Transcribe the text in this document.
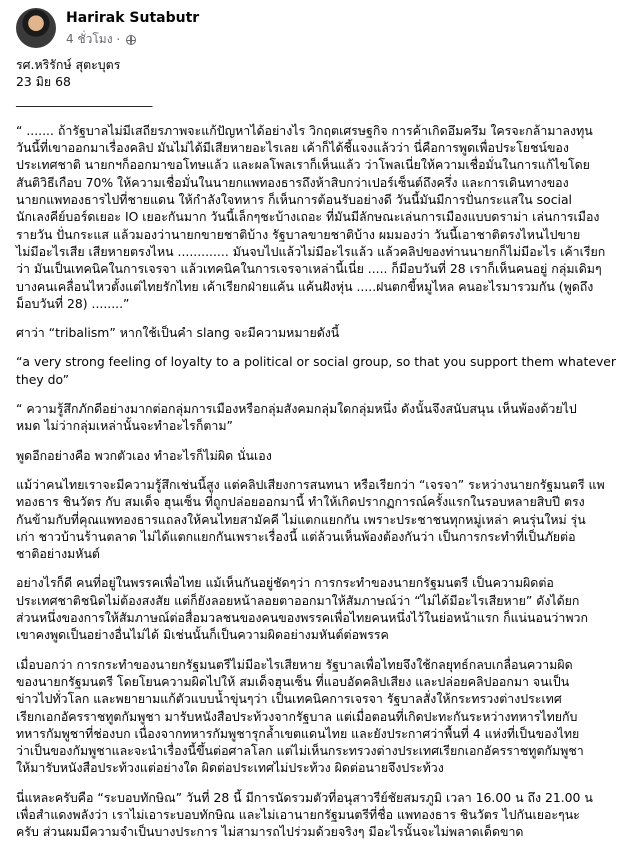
Harirak Sutabutr
4 ชั่วโมง ·

รศ.หริรักษ์ สุตะบุตร

23 มิย 68

______________________

“ ....... ถ้ารัฐบาลไม่มีเสถียรภาพจะแก้ปัญหาได้อย่างไร วิกฤตเศรษฐกิจ การค้าเกิดอึมครึม ใครจะกล้ามาลงทุน
วันนี้ที่เขาออกมาเรื่องคลิป มันไม่ได้มีเสียหายอะไรเลย เค้าก็ได้ชี้แจงแล้วว่า นี่คือการพูดเพื่อประโยชน์ของ
ประเทศชาติ นายกฯก็ออกมาขอโทษแล้ว และผลโพลเราก็เห็นแล้ว ว่าโพลเนี่ยให้ความเชื่อมั่นในการแก้ไขโดย
สันติวิธีเกือบ 70% ให้ความเชื่อมั่นในนายกแพทองธารถึงห้าสิบกว่าเปอร์เซ็นต์ถึงครึ่ง และการเดินทางของ
นายกแพทองธารไปที่ชายแดน ให้กำลังใจทหาร ก็เห็นการต้อนรับอย่างดี วันนี้มันมีการปั่นกระแสใน social
นักเลงคีย์บอร์ดเยอะ IO เยอะกันมาก วันนี้เล็กๆชะบ้างเถอะ ที่มันมีลักษณะเล่นการเมืองแบบดราม่า เล่นการเมือง
รายวัน ปั่นกระแส แล้วมองว่านายกขายชาติบ้าง รัฐบาลขายชาติบ้าง ผมมองว่า วันนี้เอาชาติตรงไหนไปขาย
ไม่มีอะไรเสีย เสียหายตรงไหน ............. มันจบไปแล้วไม่มีอะไรแล้ว แล้วคลิปของท่านนายกก็ไม่มีอะไร เค้าเรียก
ว่า มันเป็นเทคนิคในการเจรจา แล้วเทคนิคในการเจรจาเหล่านี้เนี่ย ..... ก็มีอบวันที่ 28 เราก็เห็นคนอยู่ กลุ่มเดิมๆ
บางคนเคลื่อนไหวตั้งแต่ไทยรักไทย เค้าเรียกฝ่ายแค้น แค้นฝังหุ่น .....ฝนตกขี้หมูไหล คนอะไรมารวมกัน (พูดถึง
ม็อบวันที่ 28) ........”

ศาว่า “tribalism” หากใช้เป็นคำ slang จะมีความหมายดังนี้

“a very strong feeling of loyalty to a political or social group, so that you support them whatever
they do”
“ ความรู้สึกภักดีอย่างมากต่อกลุ่มการเมืองหรือกลุ่มสังคมกลุ่มใดกลุ่มหนึ่ง ดังนั้นจึงสนับสนุน เห็นพ้องด้วยไป
หมด ไม่ว่ากลุ่มเหล่านั้นจะทำอะไรก็ตาม”

พูดอีกอย่างคือ พวกตัวเอง ทำอะไรก็ไม่ผิด นั่นเอง

แม้ว่าคนไทยเราจะมีความรู้สึกเช่นนี้สูง แต่คลิปเสียงการสนทนา หรือเรียกว่า “เจรจา” ระหว่างนายกรัฐมนตรี แพ
ทองธาร ชินวัตร กับ สมเด็จ ฮุนเซ็น ที่ถูกปล่อยออกมานี้ ทำให้เกิดปรากฏการณ์ครั้งแรกในรอบหลายสิบปี ตรง
กันข้ามกับที่คุณแพทองธารแถลงให้คนไทยสามัคคี ไม่แตกแยกกัน เพราะประชาชนทุกหมู่เหล่า คนรุ่นใหม่ รุ่น
เก่า ชาวบ้านร้านตลาด ไม่ได้แตกแยกกันเพราะเรื่องนี้ แต่ล้วนเห็นพ้องต้องกันว่า เป็นการกระทำที่เป็นภัยต่อ
ชาติอย่างมหันต์
อย่างไรก็ดี คนที่อยู่ในพรรคเพื่อไทย แม้เห็นกันอยู่ชัดๆว่า การกระทำของนายกรัฐมนตรี เป็นความผิดต่อ
ประเทศชาติชนิดไม่ต้องสงสัย แต่ก็ยังลอยหน้าลอยตาออกมาให้สัมภาษณ์ว่า “ไม่ได้มีอะไรเสียหาย” ดังได้ยก
ส่วนหนึ่งของการให้สัมภาษณ์ต่อสื่อมวลชนของคนของพรรคเพื่อไทยคนหนึ่งไว้ในย่อหน้าแรก ก็แน่นอนว่าพวก
เขาคงพูดเป็นอย่างอื่นไม่ได้ มิเช่นนั้นก็เป็นความผิดอย่างมหันต์ต่อพรรค
เมื่อบอกว่า การกระทำของนายกรัฐมนตรีไม่มีอะไรเสียหาย รัฐบาลเพื่อไทยจึงใช้กลยุทธ์กลบเกลื่อนความผิด
ของนายกรัฐมนตรี โดยโยนความผิดไปให้ สมเด็จฮุนเซ็น ที่แอบอัดคลิปเสียง และปล่อยคลิปออกมา จนเป็น
ข่าวไปทั่วโลก และพยายามแก้ตัวแบบน้ำขุ่นๆว่า เป็นเทคนิคการเจรจา รัฐบาลสั่งให้กระทรวงต่างประเทศ
เรียกเอกอัครราชทูตกัมพูชา มารับหนังสือประท้วงจากรัฐบาล แต่เมื่อตอนที่เกิดปะทะกันระหว่างทหารไทยกับ
ทหารกัมพูชาที่ช่องบก เนื่องจากทหารกัมพูชารุกล้ำเขตแดนไทย และยังประกาศว่าพื้นที่ 4 แห่งที่เป็นของไทย
ว่าเป็นของกัมพูชาและจะนำเรื่องนี้ขึ้นต่อศาลโลก แต่ไม่เห็นกระทรวงต่างประเทศเรียกเอกอัครราชทูตกัมพูชา
ให้มารับหนังสือประท้วงแต่อย่างใด ผิดต่อประเทศไม่ประท้วง ผิดต่อนายจึงประท้วง
นี่แหละครับคือ “ระบอบทักษิณ” วันที่ 28 นี้ มีการนัดรวมตัวที่อนุสาวรีย์ชัยสมรภูมิ เวลา 16.00 น ถึง 21.00 น
เพื่อสำแดงพลังว่า เราไม่เอาระบอบทักษิณ และไม่เอานายกรัฐมนตรีที่ชื่อ แพทองธาร ชินวัตร ไปกันเยอะๆนะ
ครับ ส่วนผมมีความจำเป็นบางประการ ไม่สามารถไปร่วมด้วยจริงๆ มีอะไรนั้นจะไม่พลาดเด็ดขาด
